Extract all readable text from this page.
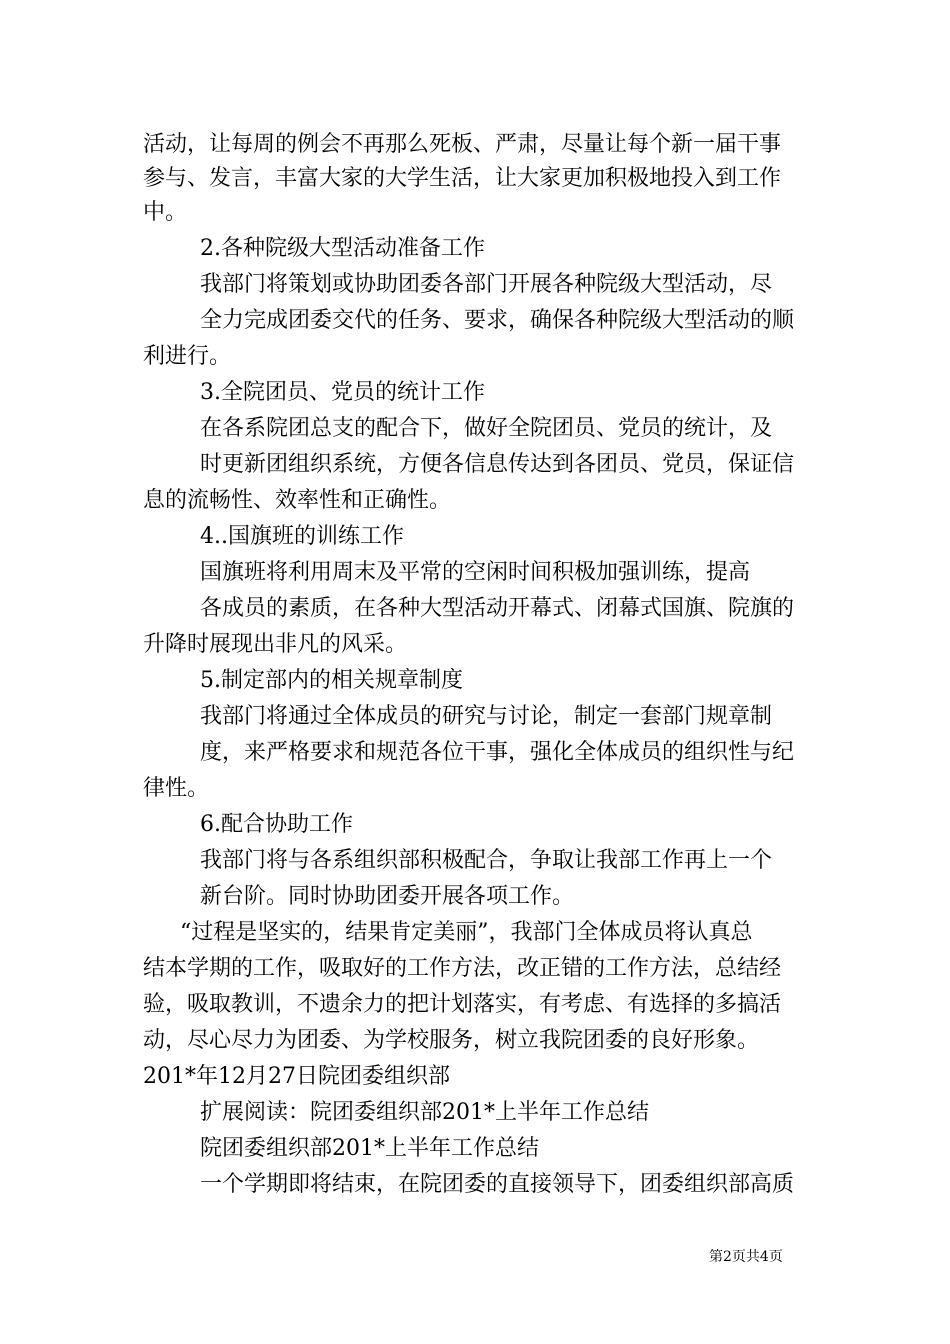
活动，让每周的例会不再那么死板、严肃，尽量让每个新一届干事
参与、发言，丰富大家的大学生活，让大家更加积极地投入到工作
中。
2.各种院级大型活动准备工作
我部门将策划或协助团委各部门开展各种院级大型活动，尽
全力完成团委交代的任务、要求，确保各种院级大型活动的顺
利进行。
3.全院团员、党员的统计工作
在各系院团总支的配合下，做好全院团员、党员的统计，及
时更新团组织系统，方便各信息传达到各团员、党员，保证信
息的流畅性、效率性和正确性。
4..国旗班的训练工作
国旗班将利用周末及平常的空闲时间积极加强训练，提高
各成员的素质，在各种大型活动开幕式、闭幕式国旗、院旗的
升降时展现出非凡的风采。
5.制定部内的相关规章制度
我部门将通过全体成员的研究与讨论，制定一套部门规章制
度，来严格要求和规范各位干事，强化全体成员的组织性与纪
律性。
6.配合协助工作
我部门将与各系组织部积极配合，争取让我部工作再上一个
新台阶。同时协助团委开展各项工作。
“过程是坚实的，结果肯定美丽”，我部门全体成员将认真总
结本学期的工作，吸取好的工作方法，改正错的工作方法，总结经
验，吸取教训，不遗余力的把计划落实，有考虑、有选择的多搞活
动，尽心尽力为团委、为学校服务，树立我院团委的良好形象。
201*年12月27日院团委组织部
扩展阅读：院团委组织部201*上半年工作总结
院团委组织部201*上半年工作总结
一个学期即将结束，在院团委的直接领导下，团委组织部高质
第2页共4页
